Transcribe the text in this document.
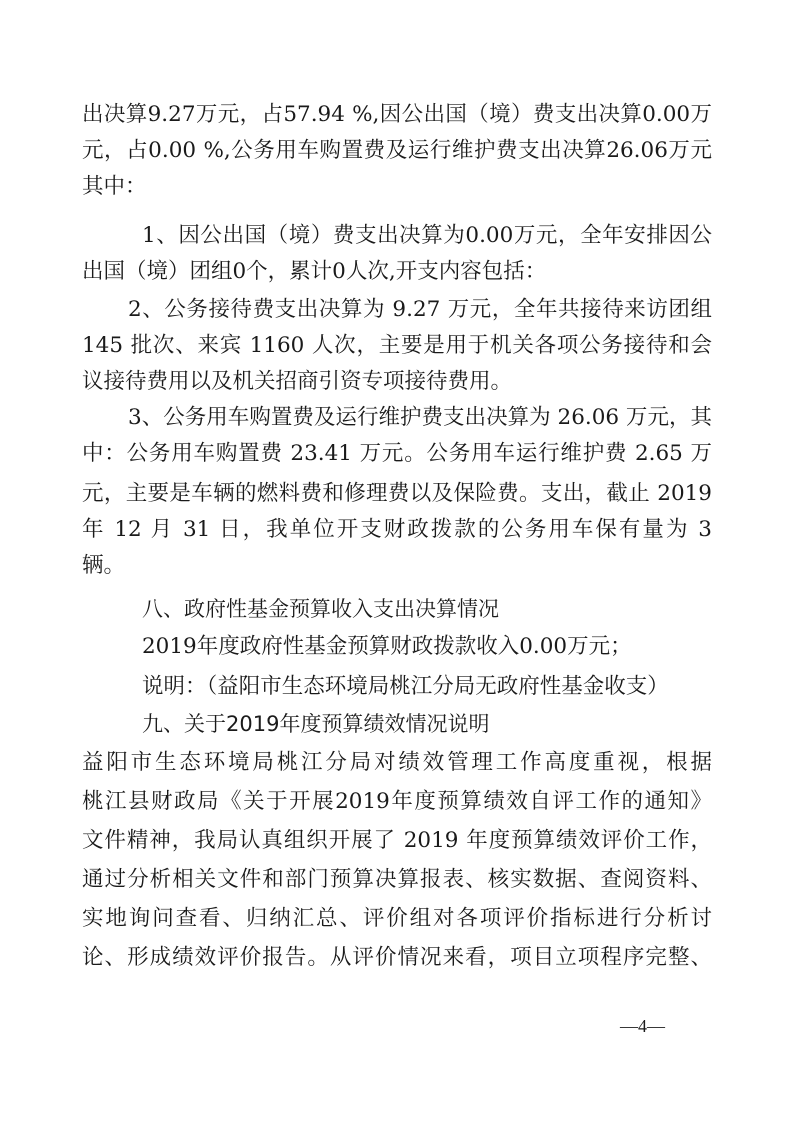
出决算9.27万元，占57.94 %,因公出国（境）费支出决算0.00万
元，占0.00 %,公务用车购置费及运行维护费支出决算26.06万元
其中：
1、因公出国（境）费支出决算为0.00万元，全年安排因公
出国（境）团组0个，累计0人次,开支内容包括：
2、公务接待费支出决算为 9.27 万元，全年共接待来访团组
145 批次、来宾 1160 人次，主要是用于机关各项公务接待和会
议接待费用以及机关招商引资专项接待费用。
3、公务用车购置费及运行维护费支出决算为 26.06 万元，其
中：公务用车购置费 23.41 万元。公务用车运行维护费 2.65 万
元，主要是车辆的燃料费和修理费以及保险费。支出，截止 2019
年 12 月 31 日，我单位开支财政拨款的公务用车保有量为 3
辆。
八、政府性基金预算收入支出决算情况
2019年度政府性基金预算财政拨款收入0.00万元；
说明：（益阳市生态环境局桃江分局无政府性基金收支）
九、关于2019年度预算绩效情况说明
益阳市生态环境局桃江分局对绩效管理工作高度重视，根据
桃江县财政局《关于开展2019年度预算绩效自评工作的通知》
文件精神，我局认真组织开展了 2019 年度预算绩效评价工作，
通过分析相关文件和部门预算决算报表、核实数据、查阅资料、
实地询问查看、归纳汇总、评价组对各项评价指标进行分析讨
论、形成绩效评价报告。从评价情况来看，项目立项程序完整、
—4—
